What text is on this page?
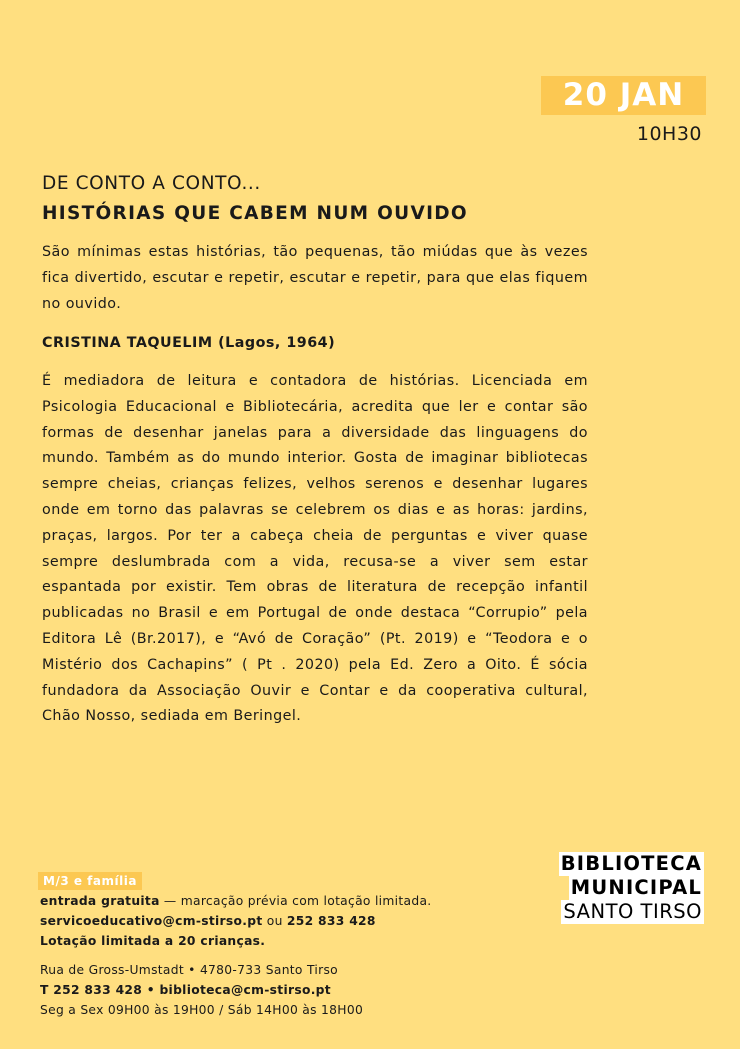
20 JAN
10H30
DE CONTO A CONTO...
HISTÓRIAS QUE CABEM NUM OUVIDO
São mínimas estas histórias, tão pequenas, tão miúdas que às vezes fica divertido, escutar e repetir, escutar e repetir, para que elas fiquem no ouvido.
CRISTINA TAQUELIM (Lagos, 1964)
É mediadora de leitura e contadora de histórias. Licenciada em Psicologia Educacional e Bibliotecária, acredita que ler e contar são formas de desenhar janelas para a diversidade das linguagens do mundo. Também as do mundo interior. Gosta de imaginar bibliotecas sempre cheias, crianças felizes, velhos serenos e desenhar lugares onde em torno das palavras se celebrem os dias e as horas: jardins, praças, largos. Por ter a cabeça cheia de perguntas e viver quase sempre deslumbrada com a vida, recusa-se a viver sem estar espantada por existir. Tem obras de literatura de recepção infantil publicadas no Brasil e em Portugal de onde destaca “Corrupio” pela Editora Lê (Br.2017), e “Avó de Coração” (Pt. 2019) e “Teodora e o Mistério dos Cachapins” ( Pt . 2020) pela Ed. Zero a Oito. É sócia fundadora da Associação Ouvir e Contar e da cooperativa cultural, Chão Nosso, sediada em Beringel.
M/3 e família
entrada gratuita — marcação prévia com lotação limitada.
servicoeducativo@cm-stirso.pt ou 252 833 428
Lotação limitada a 20 crianças.
Rua de Gross-Umstadt • 4780-733 Santo Tirso
T 252 833 428 • biblioteca@cm-stirso.pt
Seg a Sex 09H00 às 19H00 / Sáb 14H00 às 18H00
BIBLIOTECA
MUNICIPAL
SANTO TIRSO
